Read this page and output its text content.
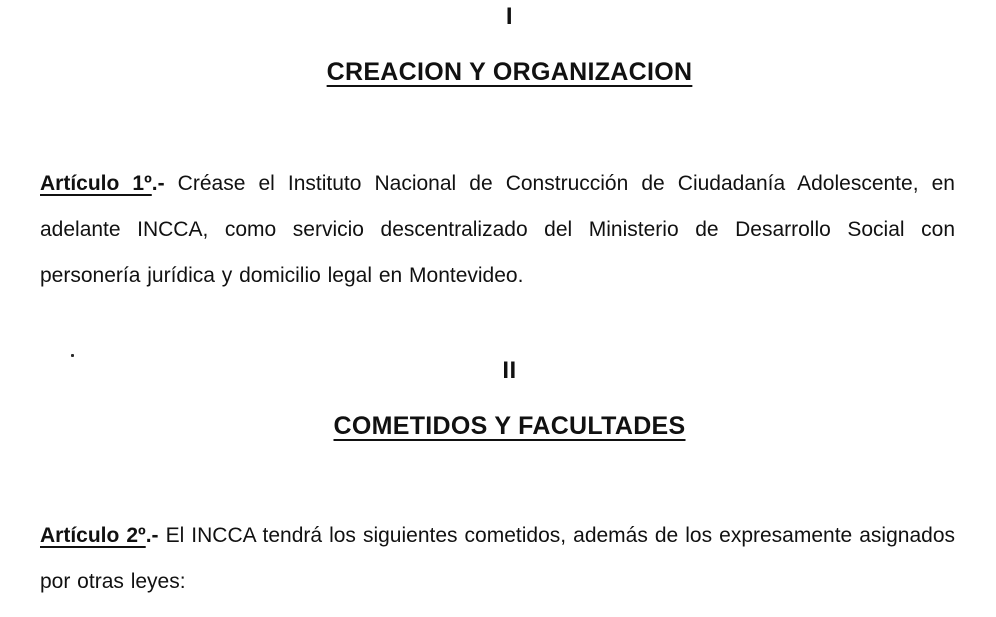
I
CREACION Y ORGANIZACION

Artículo 1º.- Créase el Instituto Nacional de Construcción de Ciudadanía Adolescente, en adelante INCCA, como servicio descentralizado del Ministerio de Desarrollo Social con personería jurídica y domicilio legal en Montevideo.

II
COMETIDOS Y FACULTADES

Artículo 2º.- El INCCA tendrá los siguientes cometidos, además de los expresamente asignados por otras leyes:
